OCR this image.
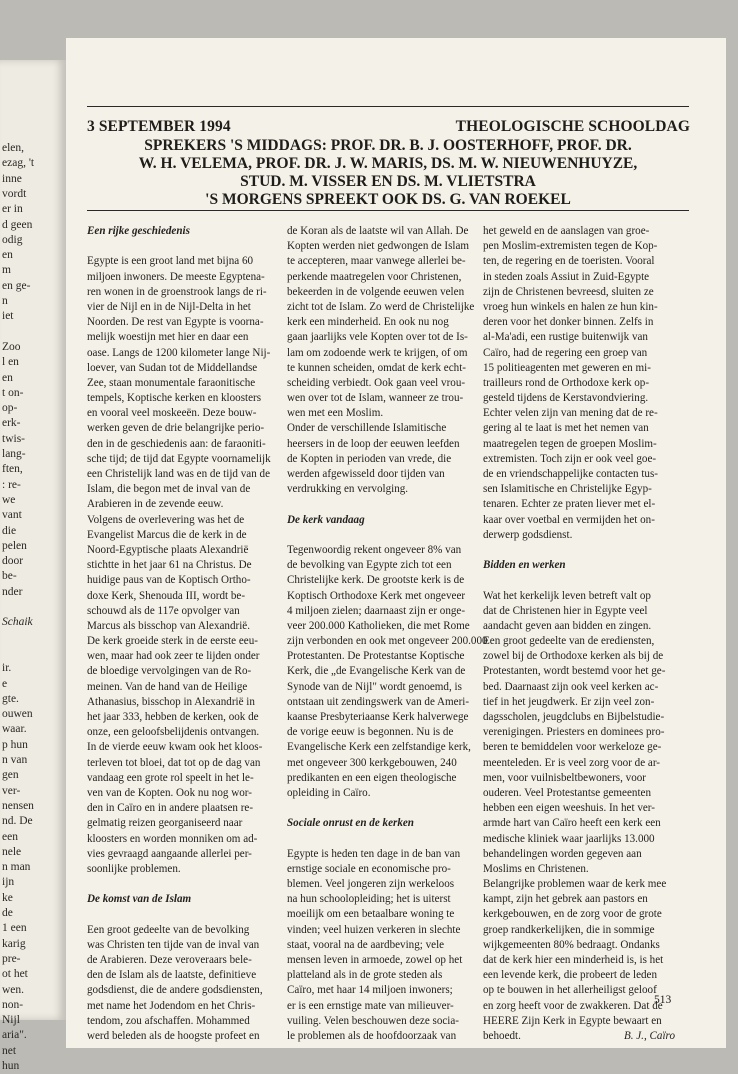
elen,
ezag, 't
inne
vordt
er in
d geen
odig
en
m
en ge-
n
iet
Zoo
l en
en
t on-
op-
erk-
twis-
lang-
ften,
: re-
we
vant
die
pelen
door
be-
nder
Schaik
ir.
e
gte.
ouwen
waar.
p hun
n van
gen
ver-
nensen
nd. De
een
nele
n man
ijn
ke
de
1 een
karig
pre-
ot het
wen.
non-
Nijl
aria".
net
hun
3 SEPTEMBER 1994	THEOLOGISCHE SCHOOLDAG
SPREKERS 'S MIDDAGS: PROF. DR. B. J. OOSTERHOFF, PROF. DR.
W. H. VELEMA, PROF. DR. J. W. MARIS, DS. M. W. NIEUWENHUYZE,
STUD. M. VISSER EN DS. M. VLIETSTRA
'S MORGENS SPREEKT OOK DS. G. VAN ROEKEL
Een rijke geschiedenis
Egypte is een groot land met bijna 60
miljoen inwoners. De meeste Egyptena-
ren wonen in de groenstrook langs de ri-
vier de Nijl en in de Nijl-Delta in het
Noorden. De rest van Egypte is voorna-
melijk woestijn met hier en daar een
oase. Langs de 1200 kilometer lange Nij-
loever, van Sudan tot de Middellandse
Zee, staan monumentale faraonitische
tempels, Koptische kerken en kloosters
en vooral veel moskeeën. Deze bouw-
werken geven de drie belangrijke perio-
den in de geschiedenis aan: de faraoniti-
sche tijd; de tijd dat Egypte voornamelijk
een Christelijk land was en de tijd van de
Islam, die begon met de inval van de
Arabieren in de zevende eeuw.
Volgens de overlevering was het de
Evangelist Marcus die de kerk in de
Noord-Egyptische plaats Alexandrië
stichtte in het jaar 61 na Christus. De
huidige paus van de Koptisch Ortho-
doxe Kerk, Shenouda III, wordt be-
schouwd als de 117e opvolger van
Marcus als bisschop van Alexandrië.
De kerk groeide sterk in de eerste eeu-
wen, maar had ook zeer te lijden onder
de bloedige vervolgingen van de Ro-
meinen. Van de hand van de Heilige
Athanasius, bisschop in Alexandrië in
het jaar 333, hebben de kerken, ook de
onze, een geloofsbelijdenis ontvangen.
In de vierde eeuw kwam ook het kloos-
terleven tot bloei, dat tot op de dag van
vandaag een grote rol speelt in het le-
ven van de Kopten. Ook nu nog wor-
den in Caïro en in andere plaatsen re-
gelmatig reizen georganiseerd naar
kloosters en worden monniken om ad-
vies gevraagd aangaande allerlei per-
soonlijke problemen.
De komst van de Islam
Een groot gedeelte van de bevolking
was Christen ten tijde van de inval van
de Arabieren. Deze veroveraars bele-
den de Islam als de laatste, definitieve
godsdienst, die de andere godsdiensten,
met name het Jodendom en het Chris-
tendom, zou afschaffen. Mohammed
werd beleden als de hoogste profeet en
de Koran als de laatste wil van Allah. De
Kopten werden niet gedwongen de Islam
te accepteren, maar vanwege allerlei be-
perkende maatregelen voor Christenen,
bekeerden in de volgende eeuwen velen
zicht tot de Islam. Zo werd de Christelijke
kerk een minderheid. En ook nu nog
gaan jaarlijks vele Kopten over tot de Is-
lam om zodoende werk te krijgen, of om
te kunnen scheiden, omdat de kerk echt-
scheiding verbiedt. Ook gaan veel vrou-
wen over tot de Islam, wanneer ze trou-
wen met een Moslim.
Onder de verschillende Islamitische
heersers in de loop der eeuwen leefden
de Kopten in perioden van vrede, die
werden afgewisseld door tijden van
verdrukking en vervolging.
De kerk vandaag
Tegenwoordig rekent ongeveer 8% van
de bevolking van Egypte zich tot een
Christelijke kerk. De grootste kerk is de
Koptisch Orthodoxe Kerk met ongeveer
4 miljoen zielen; daarnaast zijn er onge-
veer 200.000 Katholieken, die met Rome
zijn verbonden en ook met ongeveer 200.000
Protestanten. De Protestantse Koptische
Kerk, die „de Evangelische Kerk van de
Synode van de Nijl" wordt genoemd, is
ontstaan uit zendingswerk van de Ameri-
kaanse Presbyteriaanse Kerk halverwege
de vorige eeuw is begonnen. Nu is de
Evangelische Kerk een zelfstandige kerk,
met ongeveer 300 kerkgebouwen, 240
predikanten en een eigen theologische
opleiding in Caïro.
Sociale onrust en de kerken
Egypte is heden ten dage in de ban van
ernstige sociale en economische pro-
blemen. Veel jongeren zijn werkeloos
na hun schoolopleiding; het is uiterst
moeilijk om een betaalbare woning te
vinden; veel huizen verkeren in slechte
staat, vooral na de aardbeving; vele
mensen leven in armoede, zowel op het
platteland als in de grote steden als
Caïro, met haar 14 miljoen inwoners;
er is een ernstige mate van milieuver-
vuiling. Velen beschouwen deze socia-
le problemen als de hoofdoorzaak van
het geweld en de aanslagen van groe-
pen Moslim-extremisten tegen de Kop-
ten, de regering en de toeristen. Vooral
in steden zoals Assiut in Zuid-Egypte
zijn de Christenen bevreesd, sluiten ze
vroeg hun winkels en halen ze hun kin-
deren voor het donker binnen. Zelfs in
al-Ma'adi, een rustige buitenwijk van
Caïro, had de regering een groep van
15 politieagenten met geweren en mi-
trailleurs rond de Orthodoxe kerk op-
gesteld tijdens de Kerstavondviering.
Echter velen zijn van mening dat de re-
gering al te laat is met het nemen van
maatregelen tegen de groepen Moslim-
extremisten. Toch zijn er ook veel goe-
de en vriendschappelijke contacten tus-
sen Islamitische en Christelijke Egyp-
tenaren. Echter ze praten liever met el-
kaar over voetbal en vermijden het on-
derwerp godsdienst.
Bidden en werken
Wat het kerkelijk leven betreft valt op
dat de Christenen hier in Egypte veel
aandacht geven aan bidden en zingen.
Een groot gedeelte van de erediensten,
zowel bij de Orthodoxe kerken als bij de
Protestanten, wordt bestemd voor het ge-
bed. Daarnaast zijn ook veel kerken ac-
tief in het jeugdwerk. Er zijn veel zon-
dagsscholen, jeugdclubs en Bijbelstudie-
verenigingen. Priesters en dominees pro-
beren te bemiddelen voor werkeloze ge-
meenteleden. Er is veel zorg voor de ar-
men, voor vuilnisbeltbewoners, voor
ouderen. Veel Protestantse gemeenten
hebben een eigen weeshuis. In het ver-
armde hart van Caïro heeft een kerk een
medische kliniek waar jaarlijks 13.000
behandelingen worden gegeven aan
Moslims en Christenen.
Belangrijke problemen waar de kerk mee
kampt, zijn het gebrek aan pastors en
kerkgebouwen, en de zorg voor de grote
groep randkerkelijken, die in sommige
wijkgemeenten 80% bedraagt. Ondanks
dat de kerk hier een minderheid is, is het
een levende kerk, die probeert de leden
op te bouwen in het allerheiligst geloof
en zorg heeft voor de zwakkeren. Dat de
HEERE Zijn Kerk in Egypte bewaart en
behoedt.	B. J., Caïro
513
